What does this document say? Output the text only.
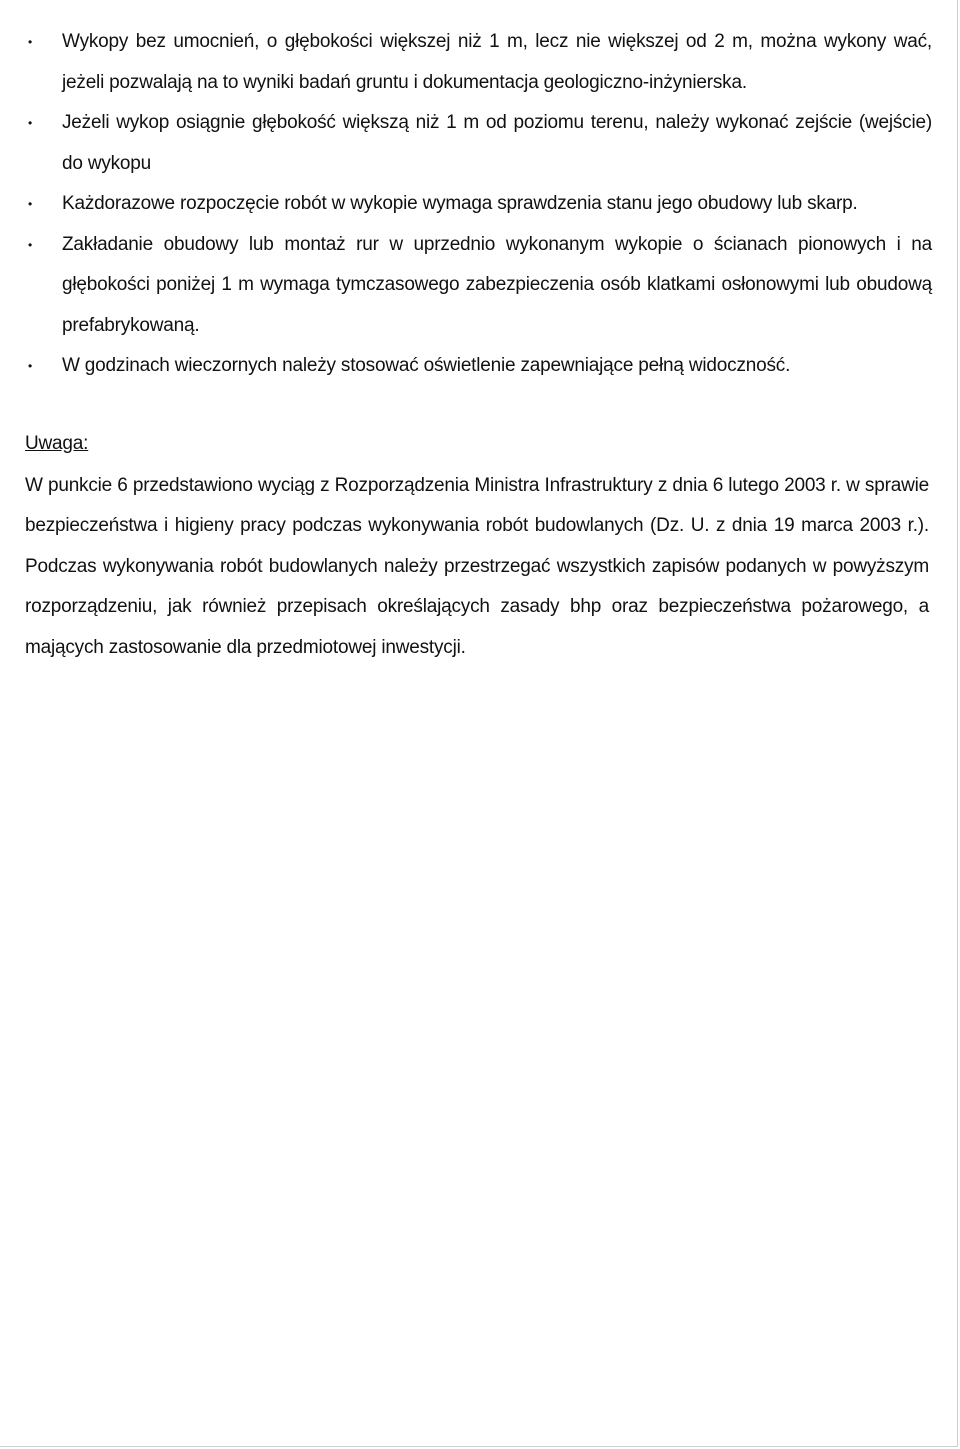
• Wykopy bez umocnień, o głębokości większej niż 1 m, lecz nie większej od 2 m, można wykony wać, jeżeli pozwalają na to wyniki badań gruntu i dokumentacja geologiczno-inżynierska.
• Jeżeli wykop osiągnie głębokość większą niż 1 m od poziomu terenu, należy wykonać zejście (wejście) do wykopu
• Każdorazowe rozpoczęcie robót w wykopie wymaga sprawdzenia stanu jego obudowy lub skarp.
• Zakładanie obudowy lub montaż rur w uprzednio wykonanym wykopie o ścianach pionowych i na głębokości poniżej 1 m wymaga tymczasowego zabezpieczenia osób klatkami osłonowymi lub obudową prefabrykowaną.
• W godzinach wieczornych należy stosować oświetlenie zapewniające pełną widoczność.
Uwaga:
W punkcie 6 przedstawiono wyciąg z Rozporządzenia Ministra Infrastruktury z dnia 6 lutego 2003 r. w sprawie bezpieczeństwa i higieny pracy podczas wykonywania robót budowlanych (Dz. U. z dnia 19 marca 2003 r.). Podczas wykonywania robót budowlanych należy przestrzegać wszystkich zapisów podanych w powyższym rozporządzeniu, jak również przepisach określających zasady bhp oraz bezpieczeństwa pożarowego, a mających zastosowanie dla przedmiotowej inwestycji.
